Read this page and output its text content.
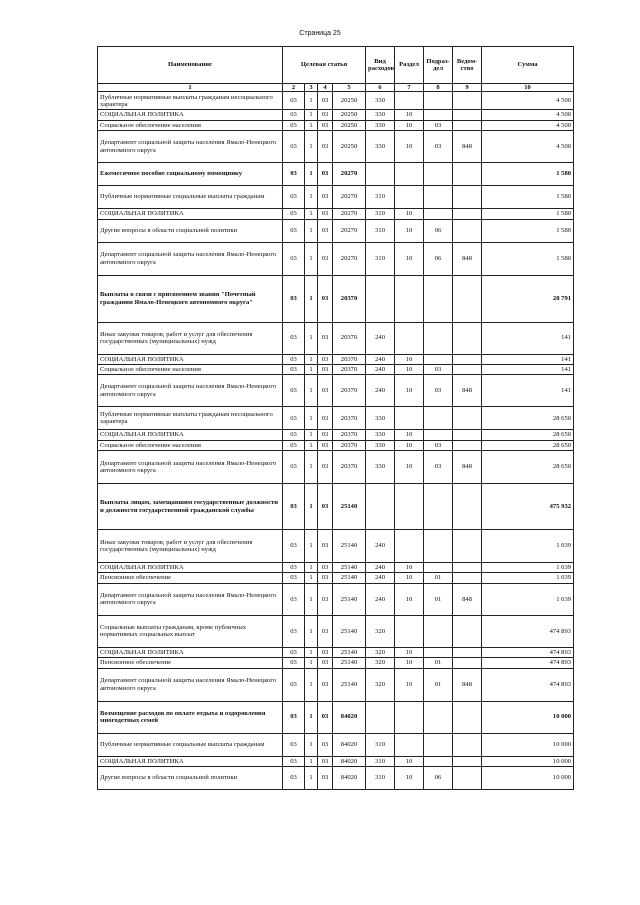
Страница 25
Наименование	Целевая статья				Вид расходов	Раздел	Подраз-дел	Ведом-ство	Сумма
1	2	3	4	5	6	7	8	9	10
Публичные нормативные выплаты гражданам несоциального характера	03	1	03	20250	330				4 500
СОЦИАЛЬНАЯ ПОЛИТИКА	03	1	03	20250	330	10			4 500
Социальное обеспечение населения	03	1	03	20250	330	10	03		4 500
Департамент социальной защиты населения Ямало-Ненецкого автономного округа	03	1	03	20250	330	10	03	848	4 500
Ежемесячное пособие социальному помощнику	03	1	03	20270					1 580
Публичные нормативные социальные выплаты гражданам	03	1	03	20270	310				1 580
СОЦИАЛЬНАЯ ПОЛИТИКА	03	1	03	20270	310	10			1 580
Другие вопросы в области социальной политики	03	1	03	20270	310	10	06		1 580
Департамент социальной защиты населения Ямало-Ненецкого автономного округа	03	1	03	20270	310	10	06	848	1 580
Выплаты в связи с присвоением звания "Почетный гражданин Ямало-Ненецкого автономного округа"	03	1	03	20370					28 791
Иные закупки товаров, работ и услуг для обеспечения государственных (муниципальных) нужд	03	1	03	20370	240				141
СОЦИАЛЬНАЯ ПОЛИТИКА	03	1	03	20370	240	10			141
Социальное обеспечение населения	03	1	03	20370	240	10	03		141
Департамент социальной защиты населения Ямало-Ненецкого автономного округа	03	1	03	20370	240	10	03	848	141
Публичные нормативные выплаты гражданам несоциального характера	03	1	03	20370	330				28 650
СОЦИАЛЬНАЯ ПОЛИТИКА	03	1	03	20370	330	10			28 650
Социальное обеспечение населения	03	1	03	20370	330	10	03		28 650
Департамент социальной защиты населения Ямало-Ненецкого автономного округа	03	1	03	20370	330	10	03	848	28 650
Выплаты лицам, замещавшим государственные должности и должности государственной гражданской службы	03	1	03	25140					475 932
Иные закупки товаров, работ и услуг для обеспечения государственных (муниципальных) нужд	03	1	03	25140	240				1 039
СОЦИАЛЬНАЯ ПОЛИТИКА	03	1	03	25140	240	10			1 039
Пенсионное обеспечение	03	1	03	25140	240	10	01		1 039
Департамент социальной защиты населения Ямало-Ненецкого автономного округа	03	1	03	25140	240	10	01	848	1 039
Социальные выплаты гражданам, кроме публичных нормативных социальных выплат	03	1	03	25140	320				474 893
СОЦИАЛЬНАЯ ПОЛИТИКА	03	1	03	25140	320	10			474 893
Пенсионное обеспечение	03	1	03	25140	320	10	01		474 893
Департамент социальной защиты населения Ямало-Ненецкого автономного округа	03	1	03	25140	320	10	01	848	474 893
Возмещение расходов по оплате отдыха и оздоровления многодетных семей	03	1	03	84020					10 000
Публичные нормативные социальные выплаты гражданам	03	1	03	84020	310				10 000
СОЦИАЛЬНАЯ ПОЛИТИКА	03	1	03	84020	310	10			10 000
Другие вопросы в области социальной политики	03	1	03	84020	310	10	06		10 000
